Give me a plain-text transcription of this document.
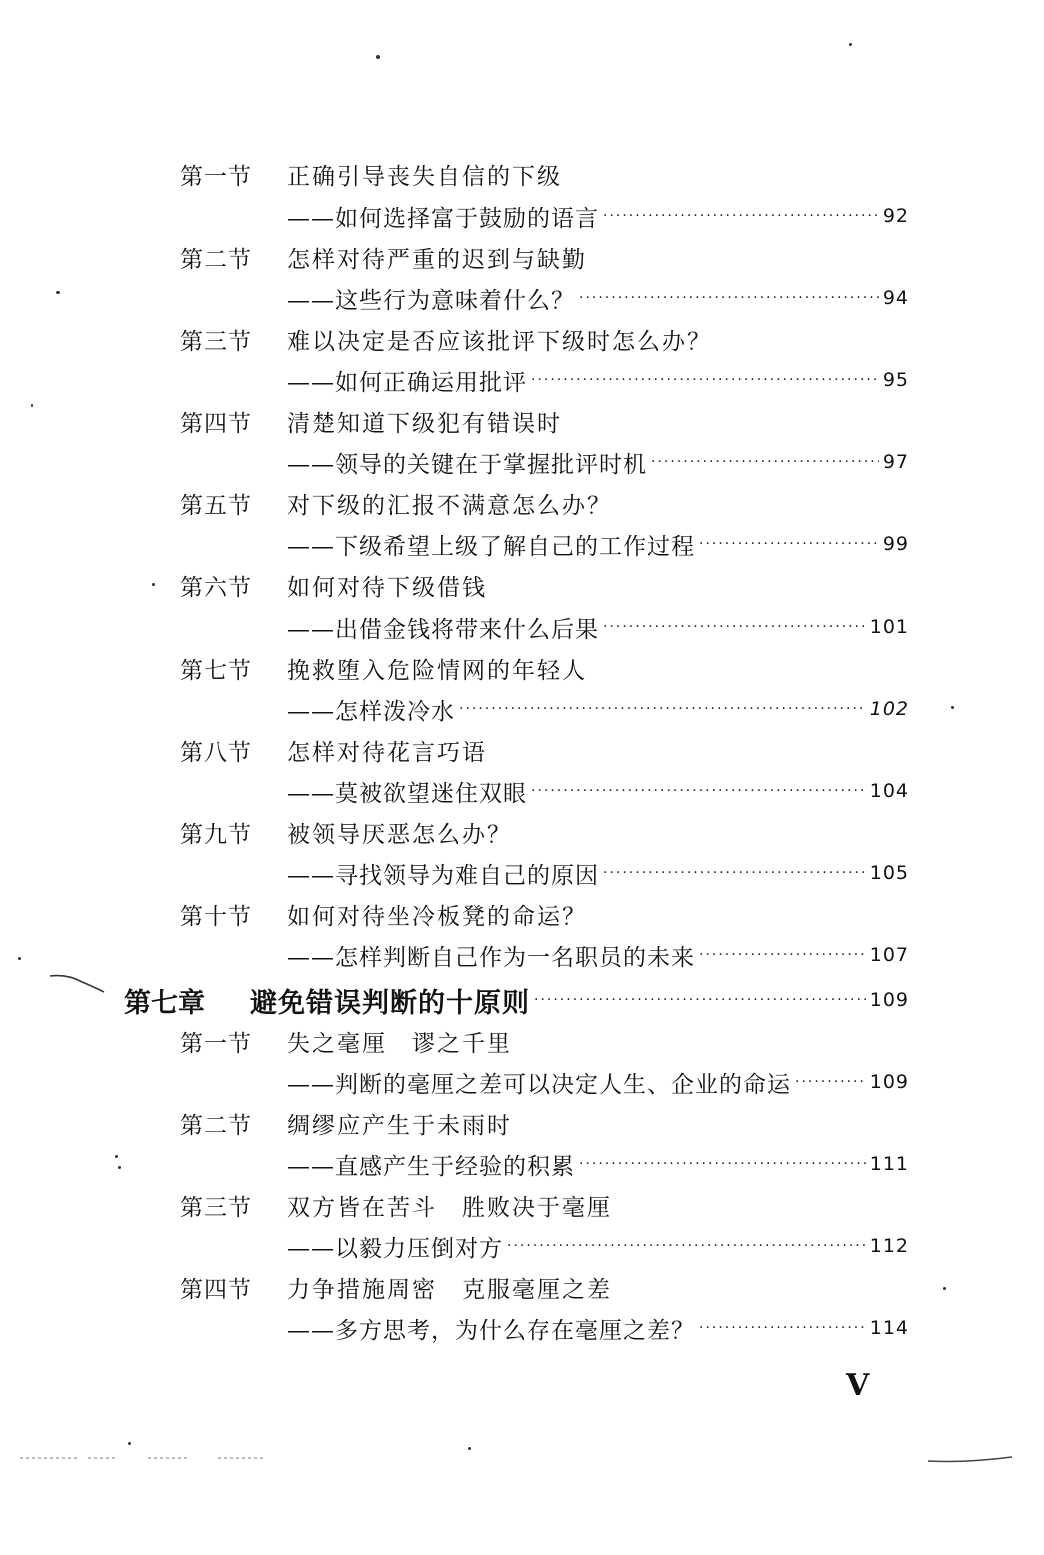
第一节	正确引导丧失自信的下级
——如何选择富于鼓励的语言 ·····	92
第二节	怎样对待严重的迟到与缺勤
——这些行为意味着什么？ ·····	94
第三节	难以决定是否应该批评下级时怎么办？
——如何正确运用批评 ·····	95
第四节	清楚知道下级犯有错误时
——领导的关键在于掌握批评时机 ·····	97
第五节	对下级的汇报不满意怎么办？
——下级希望上级了解自己的工作过程 ·····	99
第六节	如何对待下级借钱
——出借金钱将带来什么后果 ·····	101
第七节	挽救堕入危险情网的年轻人
——怎样泼冷水 ·····	102
第八节	怎样对待花言巧语
——莫被欲望迷住双眼 ·····	104
第九节	被领导厌恶怎么办？
——寻找领导为难自己的原因 ·····	105
第十节	如何对待坐冷板凳的命运？
——怎样判断自己作为一名职员的未来 ·····	107
第七章	避免错误判断的十原则 ·····	109
第一节	失之毫厘　谬之千里
——判断的毫厘之差可以决定人生、企业的命运 ·····	109
第二节	绸缪应产生于未雨时
——直感产生于经验的积累 ·····	111
第三节	双方皆在苦斗　胜败决于毫厘
——以毅力压倒对方 ·····	112
第四节	力争措施周密　克服毫厘之差
——多方思考，为什么存在毫厘之差？ ·····	114
V
